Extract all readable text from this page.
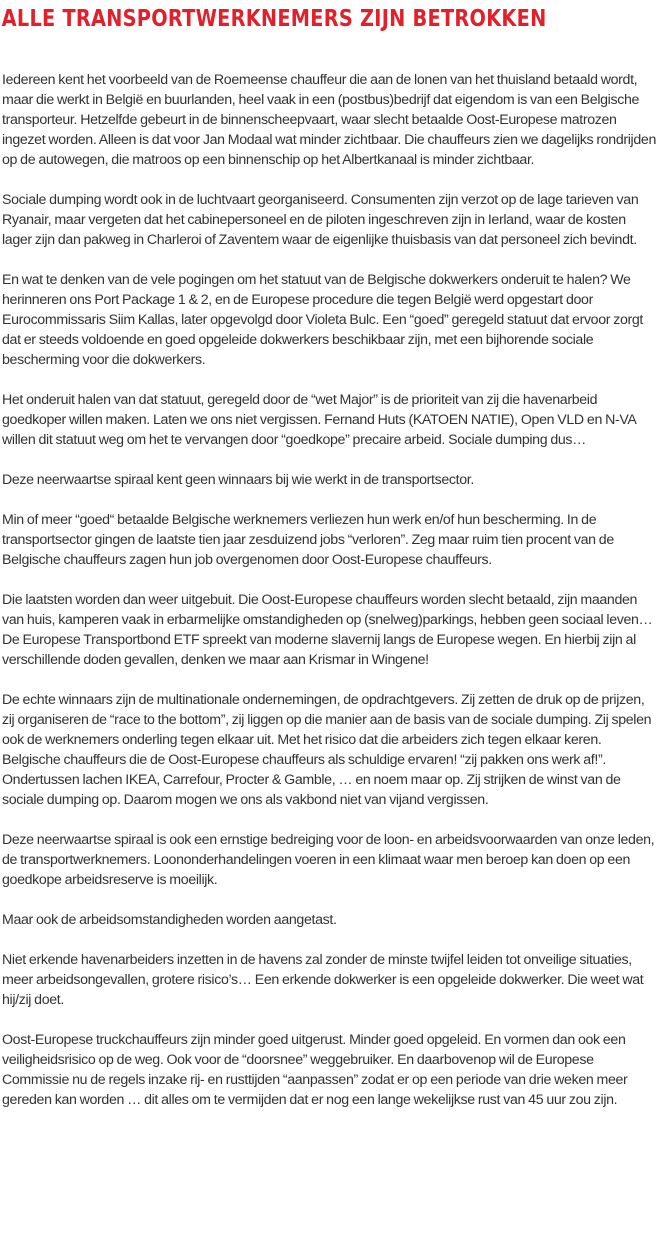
ALLE TRANSPORTWERKNEMERS ZIJN BETROKKEN

Iedereen kent het voorbeeld van de Roemeense chauffeur die aan de lonen van het thuisland betaald wordt, maar die werkt in België en buurlanden, heel vaak in een (postbus)bedrijf dat eigendom is van een Belgische transporteur. Hetzelfde gebeurt in de binnenscheepvaart, waar slecht betaalde Oost-Europese matrozen ingezet worden. Alleen is dat voor Jan Modaal wat minder zichtbaar. Die chauffeurs zien we dagelijks rondrijden op de autowegen, die matroos op een binnenschip op het Albertkanaal is minder zichtbaar.

Sociale dumping wordt ook in de luchtvaart georganiseerd. Consumenten zijn verzot op de lage tarieven van Ryanair, maar vergeten dat het cabinepersoneel en de piloten ingeschreven zijn in Ierland, waar de kosten lager zijn dan pakweg in Charleroi of Zaventem waar de eigenlijke thuisbasis van dat personeel zich bevindt.

En wat te denken van de vele pogingen om het statuut van de Belgische dokwerkers onderuit te halen? We herinneren ons Port Package 1 & 2, en de Europese procedure die tegen België werd opgestart door Eurocommissaris Siim Kallas, later opgevolgd door Violeta Bulc. Een “goed” geregeld statuut dat ervoor zorgt dat er steeds voldoende en goed opgeleide dokwerkers beschikbaar zijn, met een bijhorende sociale bescherming voor die dokwerkers.

Het onderuit halen van dat statuut, geregeld door de “wet Major” is de prioriteit van zij die havenarbeid goedkoper willen maken. Laten we ons niet vergissen. Fernand Huts (KATOEN NATIE), Open VLD en N-VA willen dit statuut weg om het te vervangen door “goedkope” precaire arbeid. Sociale dumping dus…

Deze neerwaartse spiraal kent geen winnaars bij wie werkt in de transportsector.

Min of meer “goed“ betaalde Belgische werknemers verliezen hun werk en/of hun bescherming. In de transportsector gingen de laatste tien jaar zesduizend jobs “verloren”. Zeg maar ruim tien procent van de Belgische chauffeurs zagen hun job overgenomen door Oost-Europese chauffeurs.

Die laatsten worden dan weer uitgebuit. Die Oost-Europese chauffeurs worden slecht betaald, zijn maanden van huis, kamperen vaak in erbarmelijke omstandigheden op (snelweg)parkings, hebben geen sociaal leven… De Europese Transportbond ETF spreekt van moderne slavernij langs de Europese wegen. En hierbij zijn al verschillende doden gevallen, denken we maar aan Krismar in Wingene!

De echte winnaars zijn de multinationale ondernemingen, de opdrachtgevers. Zij zetten de druk op de prijzen, zij organiseren de “race to the bottom”, zij liggen op die manier aan de basis van de sociale dumping. Zij spelen ook de werknemers onderling tegen elkaar uit. Met het risico dat die arbeiders zich tegen elkaar keren. Belgische chauffeurs die de Oost-Europese chauffeurs als schuldige ervaren! “zij pakken ons werk af!”. Ondertussen lachen IKEA, Carrefour, Procter & Gamble, … en noem maar op. Zij strijken de winst van de sociale dumping op. Daarom mogen we ons als vakbond niet van vijand vergissen.

Deze neerwaartse spiraal is ook een ernstige bedreiging voor de loon- en arbeidsvoorwaarden van onze leden, de transportwerknemers. Loononderhandelingen voeren in een klimaat waar men beroep kan doen op een goedkope arbeidsreserve is moeilijk.

Maar ook de arbeidsomstandigheden worden aangetast.

Niet erkende havenarbeiders inzetten in de havens zal zonder de minste twijfel leiden tot onveilige situaties, meer arbeidsongevallen, grotere risico’s… Een erkende dokwerker is een opgeleide dokwerker. Die weet wat hij/zij doet.

Oost-Europese truckchauffeurs zijn minder goed uitgerust. Minder goed opgeleid. En vormen dan ook een veiligheidsrisico op de weg. Ook voor de “doorsnee” weggebruiker. En daarbovenop wil de Europese Commissie nu de regels inzake rij- en rusttijden “aanpassen” zodat er op een periode van drie weken meer gereden kan worden … dit alles om te vermijden dat er nog een lange wekelijkse rust van 45 uur zou zijn.
